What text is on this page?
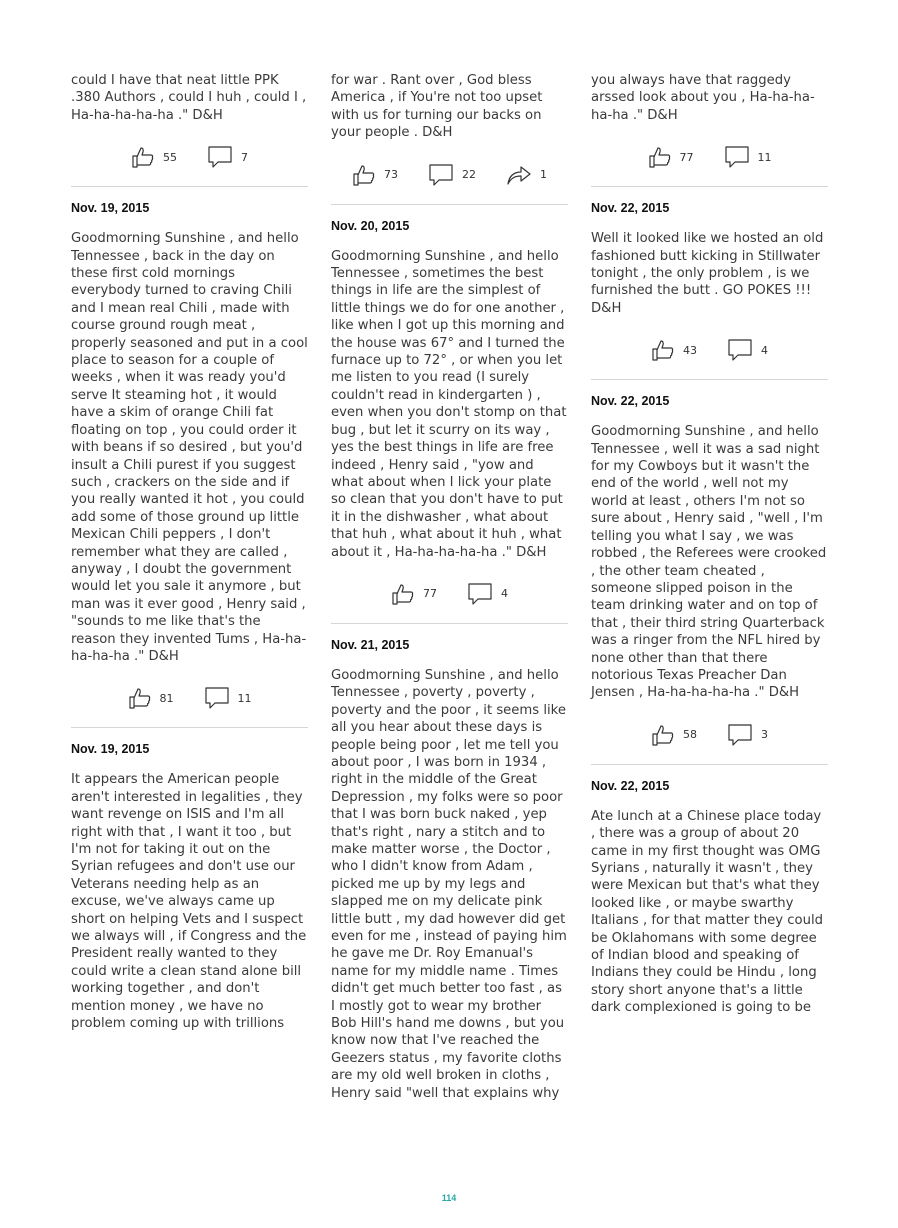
could I have that neat little PPK .380 Authors , could I huh , could I , Ha-ha-ha-ha-ha ." D&H

55	7
Nov. 19, 2015

Goodmorning Sunshine , and hello Tennessee , back in the day on these first cold mornings everybody turned to craving Chili and I mean real Chili , made with course ground rough meat , properly seasoned and put in a cool place to season for a couple of weeks , when it was ready you'd serve It steaming hot , it would have a skim of orange Chili fat floating on top , you could order it with beans if so desired , but you'd insult a Chili purest if you suggest such , crackers on the side and if you really wanted it hot , you could add some of those ground up little Mexican Chili peppers , I don't remember what they are called , anyway , I doubt the government would let you sale it anymore , but man was it ever good , Henry said , "sounds to me like that's the reason they invented Tums , Ha-ha-ha-ha-ha ." D&H

81	11
Nov. 19, 2015

It appears the American people aren't interested in legalities , they want revenge on ISIS and I'm all right with that , I want it too , but I'm not for taking it out on the Syrian refugees and don't use our Veterans needing help as an excuse, we've always came up short on helping Vets and I suspect we always will , if Congress and the President really wanted to they could write a clean stand alone bill working together , and don't mention money , we have no problem coming up with trillions

for war . Rant over , God bless America , if You're not too upset with us for turning our backs on your people . D&H

73	22	1
Nov. 20, 2015

Goodmorning Sunshine , and hello Tennessee , sometimes the best things in life are the simplest of little things we do for one another , like when I got up this morning and the house was 67° and I turned the furnace up to 72° , or when you let me listen to you read (I surely couldn't read in kindergarten ) , even when you don't stomp on that bug , but let it scurry on its way , yes the best things in life are free indeed , Henry said , "yow and what about when I lick your plate so clean that you don't have to put it in the dishwasher , what about that huh , what about it huh , what about it , Ha-ha-ha-ha-ha ." D&H

77	4
Nov. 21, 2015

Goodmorning Sunshine , and hello Tennessee , poverty , poverty , poverty and the poor , it seems like all you hear about these days is people being poor , let me tell you about poor , I was born in 1934 , right in the middle of the Great Depression , my folks were so poor that I was born buck naked , yep that's right , nary a stitch and to make matter worse , the Doctor , who I didn't know from Adam , picked me up by my legs and slapped me on my delicate pink little butt , my dad however did get even for me , instead of paying him he gave me Dr. Roy Emanual's name for my middle name . Times didn't get much better too fast , as I mostly got to wear my brother Bob Hill's hand me downs , but you know now that I've reached the Geezers status , my favorite cloths are my old well broken in cloths , Henry said "well that explains why

you always have that raggedy arssed look about you , Ha-ha-ha-ha-ha ." D&H

77	11
Nov. 22, 2015

Well it looked like we hosted an old fashioned butt kicking in Stillwater tonight , the only problem , is we furnished the butt . GO POKES !!! D&H

43	4
Nov. 22, 2015

Goodmorning Sunshine , and hello Tennessee , well it was a sad night for my Cowboys but it wasn't the end of the world , well not my world at least , others I'm not so sure about , Henry said , "well , I'm telling you what I say , we was robbed , the Referees were crooked , the other team cheated , someone slipped poison in the team drinking water and on top of that , their third string Quarterback was a ringer from the NFL hired by none other than that there notorious Texas Preacher Dan Jensen , Ha-ha-ha-ha-ha ." D&H

58	3
Nov. 22, 2015

Ate lunch at a Chinese place today , there was a group of about 20 came in my first thought was OMG Syrians , naturally it wasn't , they were Mexican but that's what they looked like , or maybe swarthy Italians , for that matter they could be Oklahomans with some degree of Indian blood and speaking of Indians they could be Hindu , long story short anyone that's a little dark complexioned is going to be

114
